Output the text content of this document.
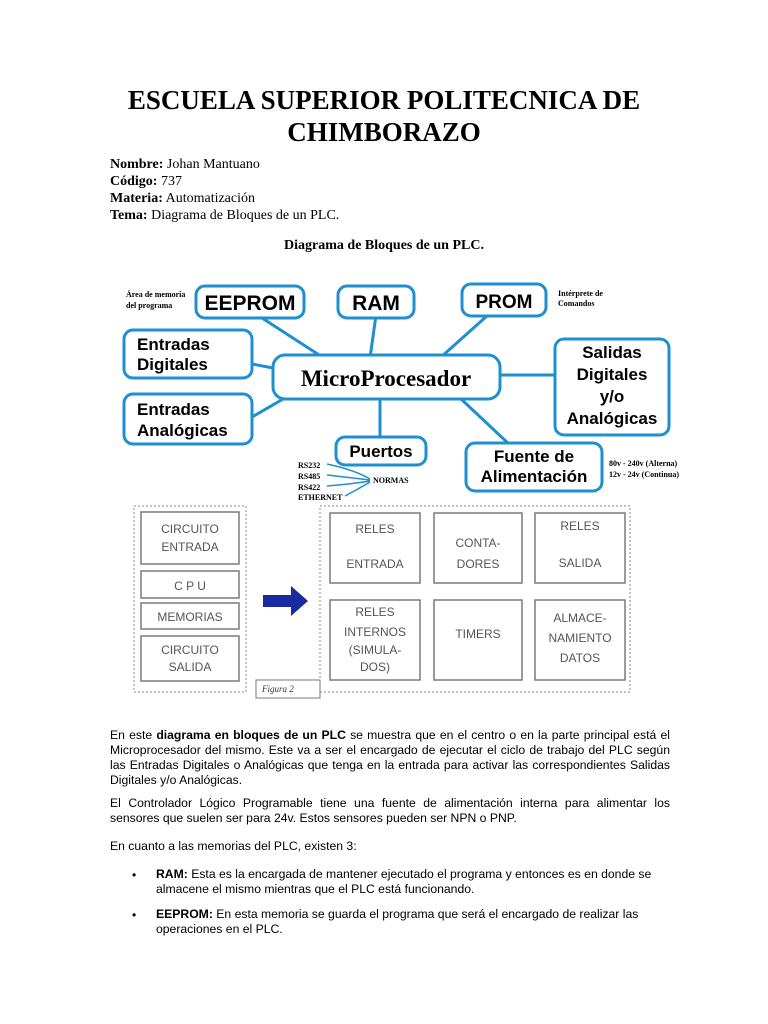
ESCUELA SUPERIOR POLITECNICA DE
CHIMBORAZO
Nombre: Johan Mantuano
Código: 737
Materia: Automatización
Tema: Diagrama de Bloques de un PLC.
Diagrama de Bloques de un PLC.
EEPROM	RAM	PROM
Entradas
Digitales
Entradas
Analógicas
MicroProcesador
Salidas
Digitales
y/o
Analógicas
Puertos	Fuente de
Alimentación
Área de memoria
del programa
Intérprete de
Comandos
RS232
RS485
RS422
ETHERNET
NORMAS
80v - 240v (Alterna)
12v - 24v (Continua)
CIRCUITO
ENTRADA
C P U
MEMORIAS
CIRCUITO
SALIDA
RELES
ENTRADA
CONTA-
DORES
RELES
SALIDA
RELES
INTERNOS
(SIMULA-
DOS)
TIMERS
ALMACE-
NAMIENTO
DATOS
Figura 2
En este diagrama en bloques de un PLC se muestra que en el centro o en la parte principal está el Microprocesador del mismo. Este va a ser el encargado de ejecutar el ciclo de trabajo del PLC según las Entradas Digitales o Analógicas que tenga en la entrada para activar las correspondientes Salidas Digitales y/o Analógicas.
El Controlador Lógico Programable tiene una fuente de alimentación interna para alimentar los sensores que suelen ser para 24v. Estos sensores pueden ser NPN o PNP.
En cuanto a las memorias del PLC, existen 3:
• RAM: Esta es la encargada de mantener ejecutado el programa y entonces es en donde se almacene el mismo mientras que el PLC está funcionando.
• EEPROM: En esta memoria se guarda el programa que será el encargado de realizar las operaciones en el PLC.
